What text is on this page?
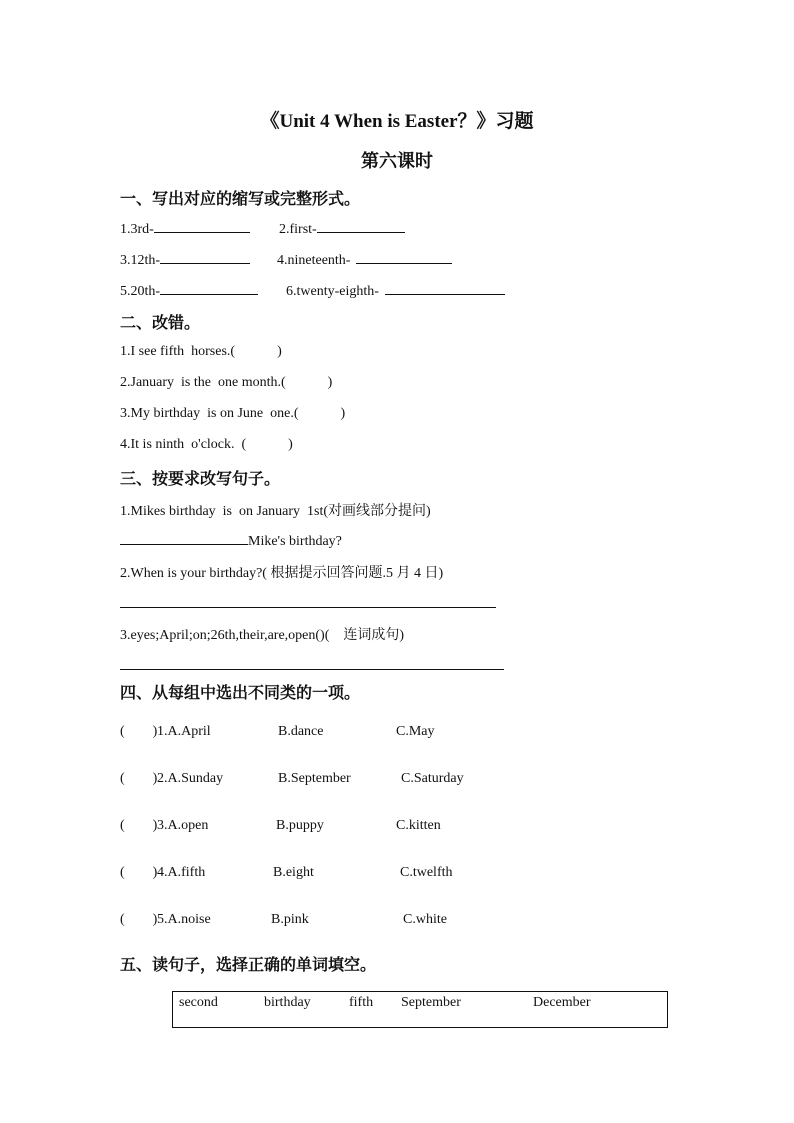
《Unit 4 When is Easter？》习题
第六课时
一、写出对应的缩写或完整形式。
1.3rd-	2.first-
3.12th-	4.nineteenth-
5.20th-	6.twenty-eighth-
二、改错。
1.I see fifth  horses.(            )
2.January  is the  one month.(            )
3.My birthday  is on June  one.(            )
4.It is ninth  o'clock.  (            )
三、按要求改写句子。
1.Mikes birthday  is  on January  1st(对画线部分提问)
Mike's birthday?
2.When is your birthday?( 根据提示回答问题.5 月 4 日)
3.eyes;April;on;26th,their,are,open()(    连词成句)
四、从每组中选出不同类的一项。
(        ) 1.A.April	B.dance	C.May
(        ) 2.A.Sunday	B.September	C.Saturday
(        ) 3.A.open	B.puppy	C.kitten
(        ) 4.A.fifth	B.eight	C.twelfth
(        ) 5.A.noise	B.pink	C.white
五、读句子，选择正确的单词填空。
second	birthday	fifth September	December
